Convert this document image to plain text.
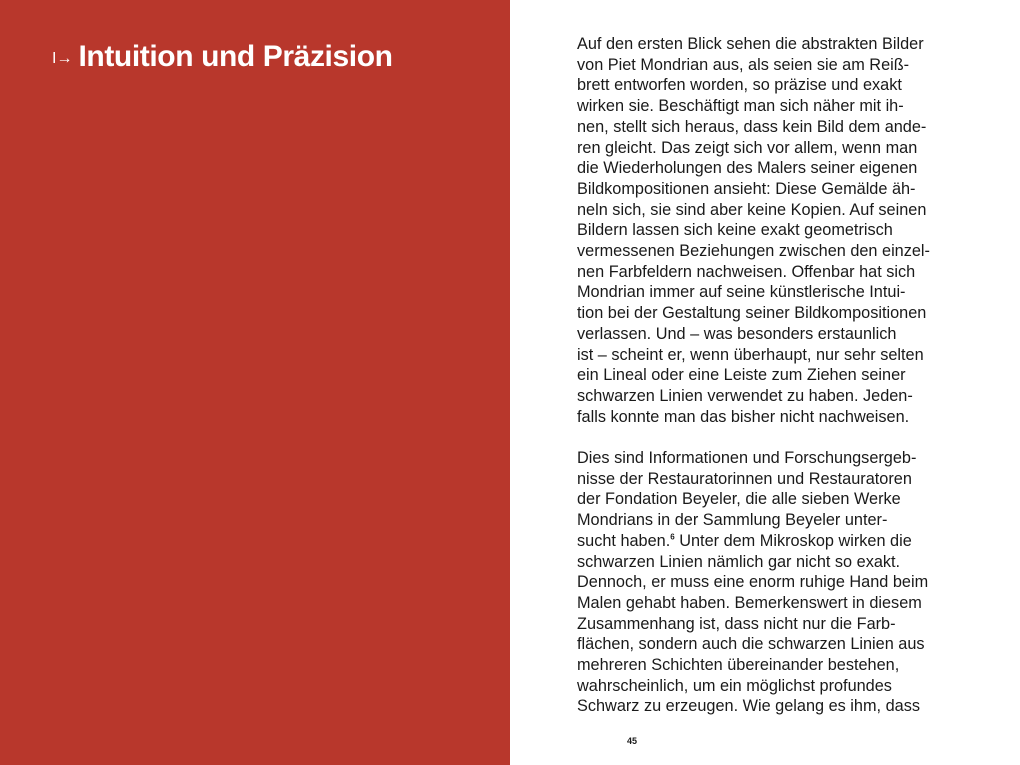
I→ Intuition und Präzision	Auf den ersten Blick sehen die abstrakten Bilder
von Piet Mondrian aus, als seien sie am Reiß-
brett entworfen worden, so präzise und exakt
wirken sie. Beschäftigt man sich näher mit ih-
nen, stellt sich heraus, dass kein Bild dem ande-
ren gleicht. Das zeigt sich vor allem, wenn man
die Wiederholungen des Malers seiner eigenen
Bildkompositionen ansieht: Diese Gemälde äh-
neln sich, sie sind aber keine Kopien. Auf seinen
Bildern lassen sich keine exakt geometrisch
vermessenen Beziehungen zwischen den einzel-
nen Farbfeldern nachweisen. Offenbar hat sich
Mondrian immer auf seine künstlerische Intui-
tion bei der Gestaltung seiner Bildkompositionen
verlassen. Und – was besonders erstaunlich
ist – scheint er, wenn überhaupt, nur sehr selten
ein Lineal oder eine Leiste zum Ziehen seiner
schwarzen Linien verwendet zu haben. Jeden-
falls konnte man das bisher nicht nachweisen.

Dies sind Informationen und Forschungsergeb-
nisse der Restauratorinnen und Restauratoren
der Fondation Beyeler, die alle sieben Werke
Mondrians in der Sammlung Beyeler unter-
sucht haben.$^6$ Unter dem Mikroskop wirken die
schwarzen Linien nämlich gar nicht so exakt.
Dennoch, er muss eine enorm ruhige Hand beim
Malen gehabt haben. Bemerkenswert in diesem
Zusammenhang ist, dass nicht nur die Farb-
flächen, sondern auch die schwarzen Linien aus
mehreren Schichten übereinander bestehen,
wahrscheinlich, um ein möglichst profundes
Schwarz zu erzeugen. Wie gelang es ihm, dass

45
